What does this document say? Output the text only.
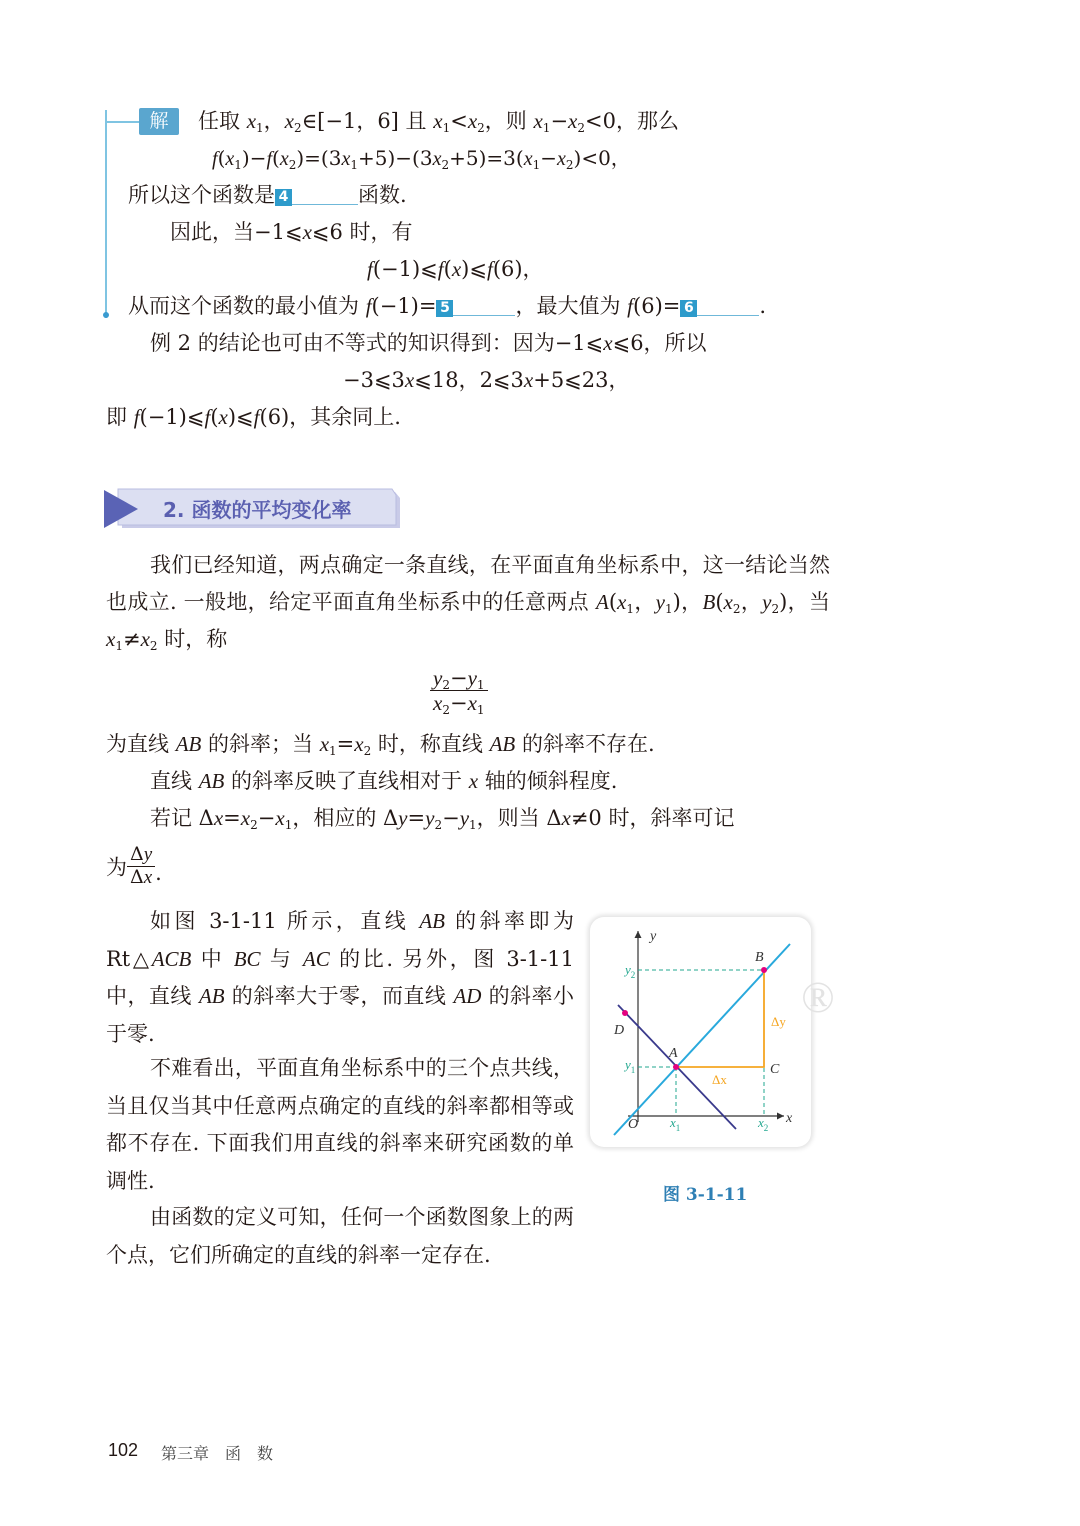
解	任取 $x_1$，$x_2\in[-1$，6] 且 $x_1<x_2$，则 $x_1-x_2<0$，那么
$f(x_1)-f(x_2)=(3x_1+5)-(3x_2+5)=3(x_1-x_2)<0$，
所以这个函数是 4	函数.
因此，当−1⩽x⩽6 时，有
f(−1)⩽f(x)⩽f(6)，
从而这个函数的最小值为 f(−1)= 5	，最大值为 f(6)= 6	.
例 2 的结论也可由不等式的知识得到：因为−1⩽x⩽6，所以
−3⩽3x⩽18，2⩽3x+5⩽23，
即 f(−1)⩽f(x)⩽f(6)，其余同上.
2. 函数的平均变化率
我们已经知道，两点确定一条直线，在平面直角坐标系中，这一结论当然也成立. 一般地，给定平面直角坐标系中的任意两点 $A(x_1$，$y_1$)，$B(x_2$，$y_2$)，当 $x_1\ne x_2$ 时，称
$\frac{y_2-y_1}{x_2-x_1}$
为直线 AB 的斜率；当 $x_1=x_2$ 时，称直线 AB 的斜率不存在.
直线 AB 的斜率反映了直线相对于 x 轴的倾斜程度.
若记 $\Delta x=x_2-x_1$，相应的 $\Delta y=y_2-y_1$，则当 Δx≠0 时，斜率可记
为 $\frac{\Delta y}{\Delta x}$ .
如图 3-1-11 所示，直线 AB 的斜率即为 Rt△ACB 中 BC 与 AC 的比. 另外，图 3-1-11 中，直线 AB 的斜率大于零，而直线 AD 的斜率小于零.
不难看出，平面直角坐标系中的三个点共线，当且仅当其中任意两点确定的直线的斜率都相等或都不存在. 下面我们用直线的斜率来研究函数的单调性.
由函数的定义可知，任何一个函数图象上的两个点，它们所确定的直线的斜率一定存在.
®
y
x
O
B
A
C
D
Δy
Δx
$y_2$
$y_1$
$x_1$	$x_2$
图 3-1-11
102 第三章　函　数
